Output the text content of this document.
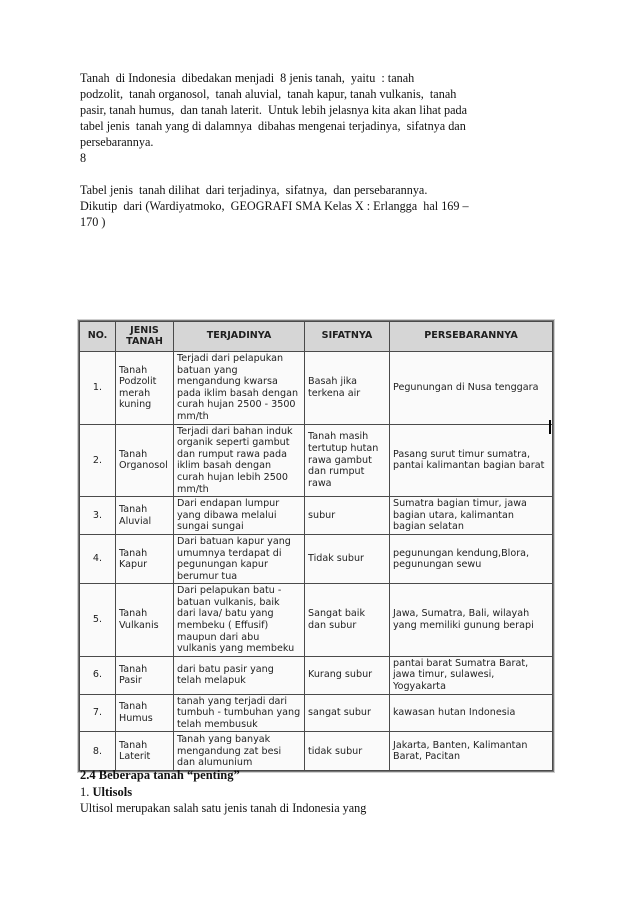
Tanah  di Indonesia  dibedakan menjadi  8 jenis tanah,  yaitu  : tanah
podzolit,  tanah organosol,  tanah aluvial,  tanah kapur, tanah vulkanis,  tanah
pasir, tanah humus,  dan tanah laterit.  Untuk lebih jelasnya kita akan lihat pada
tabel jenis  tanah yang di dalamnya  dibahas mengenai terjadinya,  sifatnya dan
persebarannya.
8
Tabel jenis  tanah dilihat  dari terjadinya,  sifatnya,  dan persebarannya.
Dikutip  dari (Wardiyatmoko,  GEOGRAFI SMA Kelas X : Erlangga  hal 169 –
170 )
NO.	JENIS TANAH	TERJADINYA	SIFATNYA	PERSEBARANNYA
1.	Tanah Podzolit merah kuning	Terjadi dari pelapukan batuan yang mengandung kwarsa pada iklim basah dengan curah hujan 2500 - 3500 mm/th	Basah jika terkena air	Pegunungan di Nusa tenggara
2.	Tanah Organosol	Terjadi dari bahan induk organik seperti gambut dan rumput rawa pada iklim basah dengan curah hujan lebih 2500 mm/th	Tanah masih tertutup hutan rawa gambut dan rumput rawa	Pasang surut timur sumatra, pantai kalimantan bagian barat
3.	Tanah Aluvial	Dari endapan lumpur yang dibawa melalui sungai sungai	subur	Sumatra bagian timur, jawa bagian utara, kalimantan bagian selatan
4.	Tanah Kapur	Dari batuan kapur yang umumnya terdapat di pegunungan kapur berumur tua	Tidak subur	pegunungan kendung,Blora, pegunungan sewu
5.	Tanah Vulkanis	Dari pelapukan batu - batuan vulkanis, baik dari lava/ batu yang membeku ( Effusif) maupun dari abu vulkanis yang membeku	Sangat baik dan subur	Jawa, Sumatra, Bali, wilayah yang memiliki gunung berapi
6.	Tanah Pasir	dari batu pasir yang telah melapuk	Kurang subur	pantai barat Sumatra Barat, jawa timur, sulawesi, Yogyakarta
7.	Tanah Humus	tanah yang terjadi dari tumbuh - tumbuhan yang telah membusuk	sangat subur	kawasan hutan Indonesia
8.	Tanah Laterit	Tanah yang banyak mengandung zat besi dan alumunium	tidak subur	Jakarta, Banten, Kalimantan Barat, Pacitan
2.4 Beberapa tanah “penting”
1. Ultisols
Ultisol merupakan salah satu jenis tanah di Indonesia yang
